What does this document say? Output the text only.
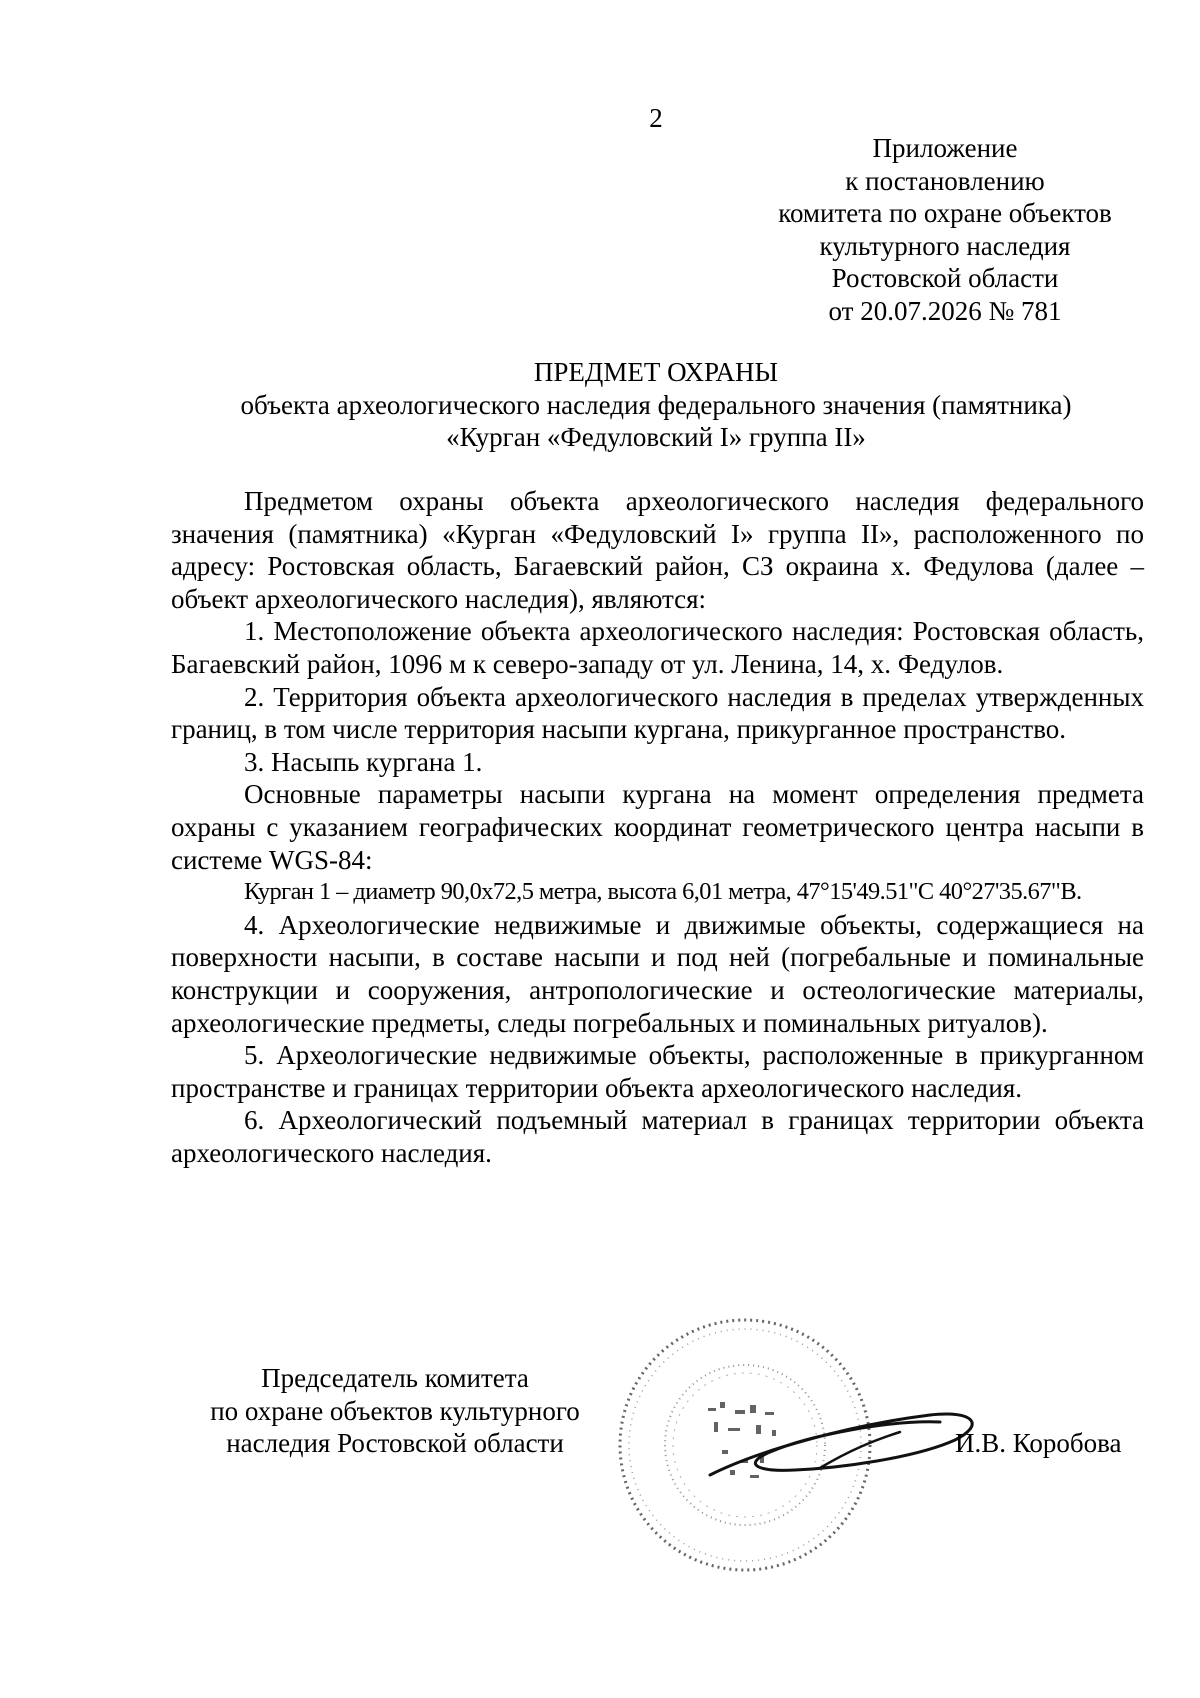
2
Приложение
к постановлению
комитета по охране объектов
культурного наследия
Ростовской области
от 20.07.2026 № 781
ПРЕДМЕТ ОХРАНЫ
объекта археологического наследия федерального значения (памятника)
«Курган «Федуловский I» группа II»

Предметом охраны объекта археологического наследия федерального значения (памятника) «Курган «Федуловский I» группа II», расположенного по адресу: Ростовская область, Багаевский район, СЗ окраина х. Федулова (далее – объект археологического наследия), являются:

1. Местоположение объекта археологического наследия: Ростовская область, Багаевский район, 1096 м к северо-западу от ул. Ленина, 14, х. Федулов.

2. Территория объекта археологического наследия в пределах утвержденных границ, в том числе территория насыпи кургана, прикурганное пространство.

3. Насыпь кургана 1.

Основные параметры насыпи кургана на момент определения предмета охраны с указанием географических координат геометрического центра насыпи в системе WGS-84:

Курган 1 – диаметр 90,0х72,5 метра, высота 6,01 метра, 47°15'49.51"С 40°27'35.67"В.

4. Археологические недвижимые и движимые объекты, содержащиеся на поверхности насыпи, в составе насыпи и под ней (погребальные и поминальные конструкции и сооружения, антропологические и остеологические материалы, археологические предметы, следы погребальных и поминальных ритуалов).

5. Археологические недвижимые объекты, расположенные в прикурганном пространстве и границах территории объекта археологического наследия.

6. Археологический подъемный материал в границах территории объекта археологического наследия.

Председатель комитета
по охране объектов культурного
наследия Ростовской области	И.В. Коробова
